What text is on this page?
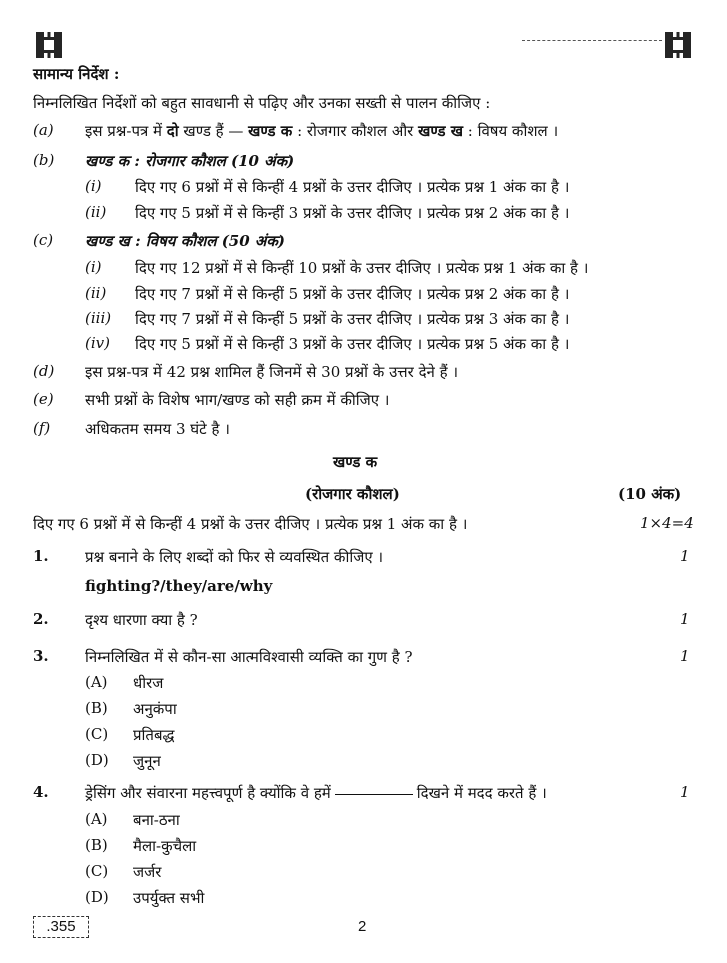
सामान्य निर्देश :
निम्नलिखित निर्देशों को बहुत सावधानी से पढ़िए और उनका सख्ती से पालन कीजिए :
(a) इस प्रश्न-पत्र में दो खण्ड हैं — खण्ड क : रोजगार कौशल और खण्ड ख : विषय कौशल ।
(b) खण्ड क : रोजगार कौशल (10 अंक)
(i) दिए गए 6 प्रश्नों में से किन्हीं 4 प्रश्नों के उत्तर दीजिए । प्रत्येक प्रश्न 1 अंक का है ।
(ii) दिए गए 5 प्रश्नों में से किन्हीं 3 प्रश्नों के उत्तर दीजिए । प्रत्येक प्रश्न 2 अंक का है ।
(c) खण्ड ख : विषय कौशल (50 अंक)
(i) दिए गए 12 प्रश्नों में से किन्हीं 10 प्रश्नों के उत्तर दीजिए । प्रत्येक प्रश्न 1 अंक का है ।
(ii) दिए गए 7 प्रश्नों में से किन्हीं 5 प्रश्नों के उत्तर दीजिए । प्रत्येक प्रश्न 2 अंक का है ।
(iii) दिए गए 7 प्रश्नों में से किन्हीं 5 प्रश्नों के उत्तर दीजिए । प्रत्येक प्रश्न 3 अंक का है ।
(iv) दिए गए 5 प्रश्नों में से किन्हीं 3 प्रश्नों के उत्तर दीजिए । प्रत्येक प्रश्न 5 अंक का है ।
(d) इस प्रश्न-पत्र में 42 प्रश्न शामिल हैं जिनमें से 30 प्रश्नों के उत्तर देने हैं ।
(e) सभी प्रश्नों के विशेष भाग/खण्ड को सही क्रम में कीजिए ।
(f) अधिकतम समय 3 घंटे है ।
खण्ड क
(रोजगार कौशल)	(10 अंक)
दिए गए 6 प्रश्नों में से किन्हीं 4 प्रश्नों के उत्तर दीजिए । प्रत्येक प्रश्न 1 अंक का है ।	1×4=4
1. प्रश्न बनाने के लिए शब्दों को फिर से व्यवस्थित कीजिए ।	1
fighting?/they/are/why
2. दृश्य धारणा क्या है ?	1
3. निम्नलिखित में से कौन-सा आत्मविश्वासी व्यक्ति का गुण है ?	1
(A) धीरज
(B) अनुकंपा
(C) प्रतिबद्ध
(D) जुनून
4. ड्रेसिंग और संवारना महत्त्वपूर्ण है क्योंकि वे हमें	दिखने में मदद करते हैं ।	1
(A) बना-ठना
(B) मैला-कुचैला
(C) जर्जर
(D) उपर्युक्त सभी
.355	2
